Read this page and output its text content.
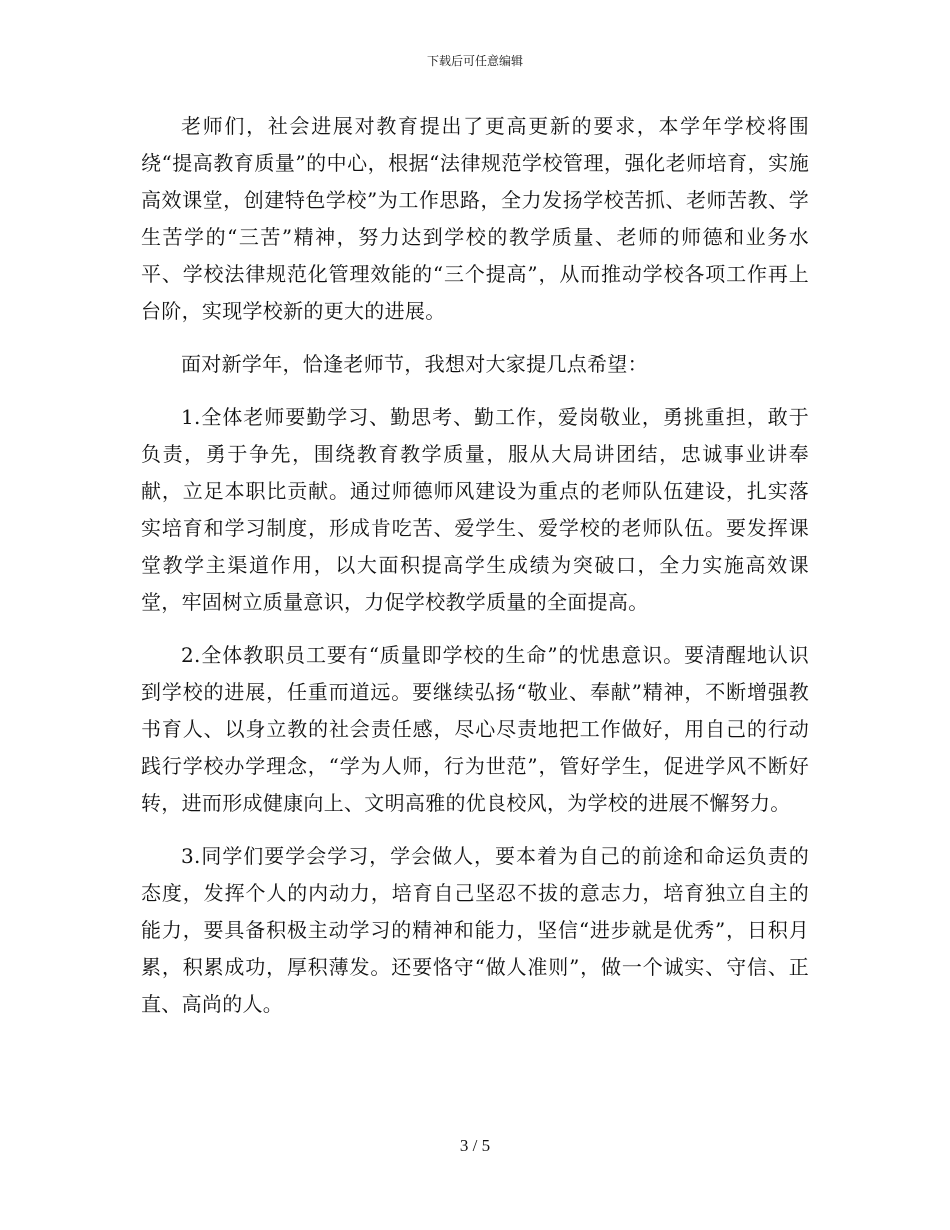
下载后可任意编辑

老师们，社会进展对教育提出了更高更新的要求，本学年学校将围绕“提高教育质量”的中心，根据“法律规范学校管理，强化老师培育，实施高效课堂，创建特色学校”为工作思路，全力发扬学校苦抓、老师苦教、学生苦学的“三苦”精神，努力达到学校的教学质量、老师的师德和业务水平、学校法律规范化管理效能的“三个提高”，从而推动学校各项工作再上台阶，实现学校新的更大的进展。

面对新学年，恰逢老师节，我想对大家提几点希望：

1.全体老师要勤学习、勤思考、勤工作，爱岗敬业，勇挑重担，敢于负责，勇于争先，围绕教育教学质量，服从大局讲团结，忠诚事业讲奉献，立足本职比贡献。通过师德师风建设为重点的老师队伍建设，扎实落实培育和学习制度，形成肯吃苦、爱学生、爱学校的老师队伍。要发挥课堂教学主渠道作用，以大面积提高学生成绩为突破口，全力实施高效课堂，牢固树立质量意识，力促学校教学质量的全面提高。

2.全体教职员工要有“质量即学校的生命”的忧患意识。要清醒地认识到学校的进展，任重而道远。要继续弘扬“敬业、奉献”精神，不断增强教书育人、以身立教的社会责任感，尽心尽责地把工作做好，用自己的行动践行学校办学理念，“学为人师，行为世范”，管好学生，促进学风不断好转，进而形成健康向上、文明高雅的优良校风，为学校的进展不懈努力。

3.同学们要学会学习，学会做人，要本着为自己的前途和命运负责的态度，发挥个人的内动力，培育自己坚忍不拔的意志力，培育独立自主的能力，要具备积极主动学习的精神和能力，坚信“进步就是优秀”，日积月累，积累成功，厚积薄发。还要恪守“做人准则”，做一个诚实、守信、正直、高尚的人。

3 / 5
